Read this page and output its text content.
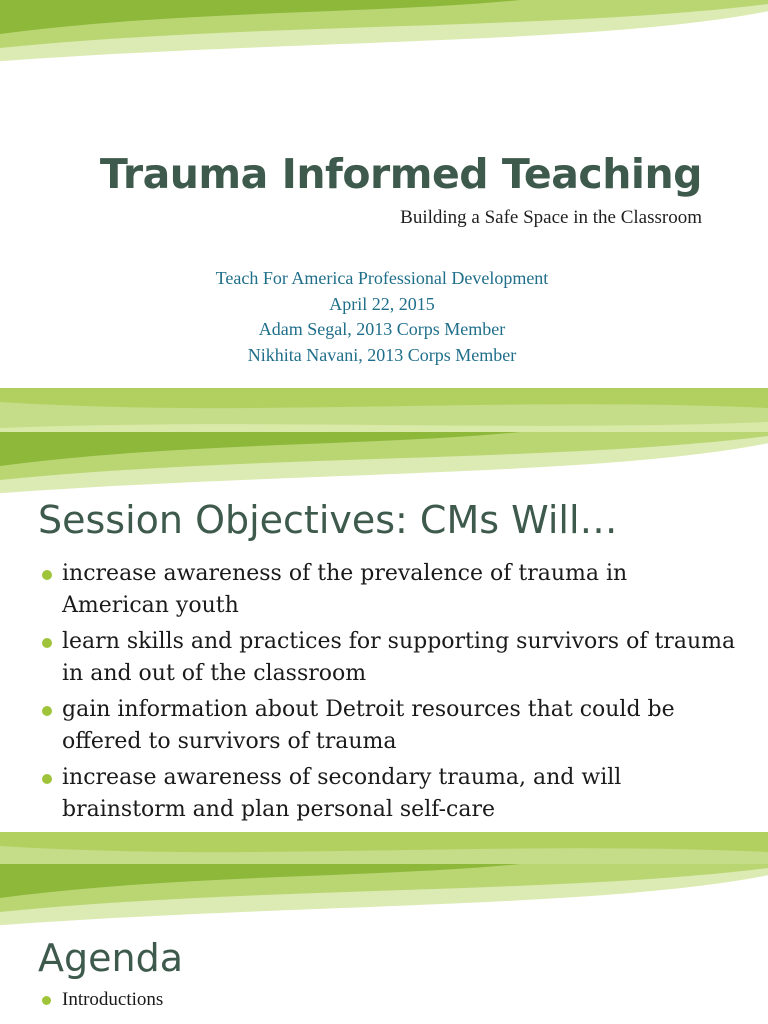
Trauma Informed Teaching
Building a Safe Space in the Classroom
Teach For America Professional Development
April 22, 2015
Adam Segal, 2013 Corps Member
Nikhita Navani, 2013 Corps Member
Session Objectives: CMs Will…
increase awareness of the prevalence of trauma in American youth
learn skills and practices for supporting survivors of trauma in and out of the classroom
gain information about Detroit resources that could be offered to survivors of trauma
increase awareness of secondary trauma, and will brainstorm and plan personal self-care
Agenda
Introductions
